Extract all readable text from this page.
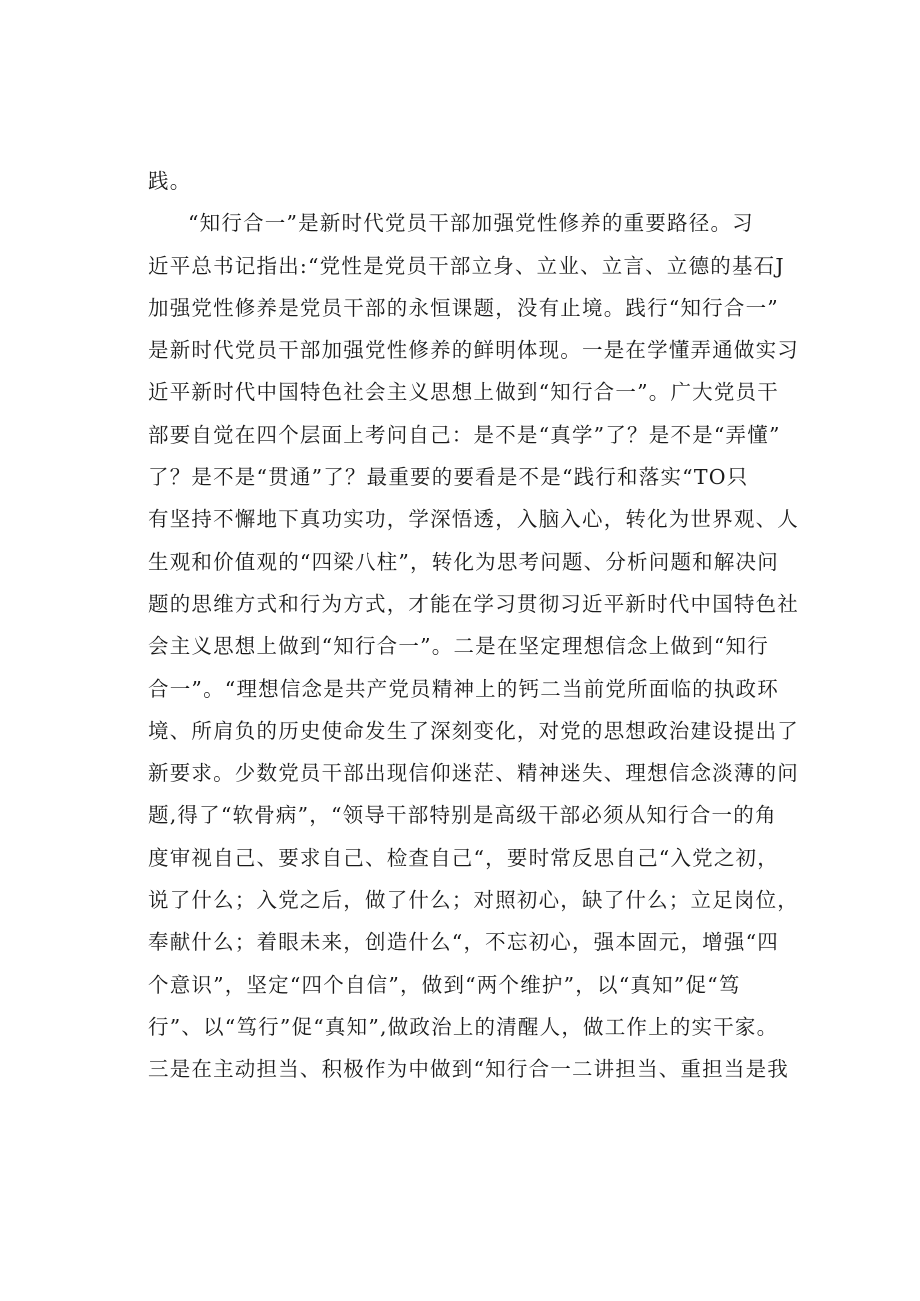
践。
“知行合一”是新时代党员干部加强党性修养的重要路径。习
近平总书记指出:“党性是党员干部立身、立业、立言、立德的基石J
加强党性修养是党员干部的永恒课题，没有止境。践行“知行合一”
是新时代党员干部加强党性修养的鲜明体现。一是在学懂弄通做实习
近平新时代中国特色社会主义思想上做到“知行合一”。广大党员干
部要自觉在四个层面上考问自己：是不是“真学”了？是不是“弄懂”
了？是不是“贯通”了？最重要的要看是不是“践行和落实“TO只
有坚持不懈地下真功实功，学深悟透，入脑入心，转化为世界观、人
生观和价值观的“四梁八柱”，转化为思考问题、分析问题和解决问
题的思维方式和行为方式，才能在学习贯彻习近平新时代中国特色社
会主义思想上做到“知行合一”。二是在坚定理想信念上做到“知行
合一”。“理想信念是共产党员精神上的钙二当前党所面临的执政环
境、所肩负的历史使命发生了深刻变化，对党的思想政治建设提出了
新要求。少数党员干部出现信仰迷茫、精神迷失、理想信念淡薄的问
题,得了“软骨病”，“领导干部特别是高级干部必须从知行合一的角
度审视自己、要求自己、检查自己“，要时常反思自己“入党之初，
说了什么；入党之后，做了什么；对照初心，缺了什么；立足岗位，
奉献什么；着眼未来，创造什么“，不忘初心，强本固元，增强“四
个意识”，坚定“四个自信”，做到“两个维护”，以“真知”促“笃
行”、以“笃行”促“真知”,做政治上的清醒人，做工作上的实干家。
三是在主动担当、积极作为中做到“知行合一二讲担当、重担当是我
